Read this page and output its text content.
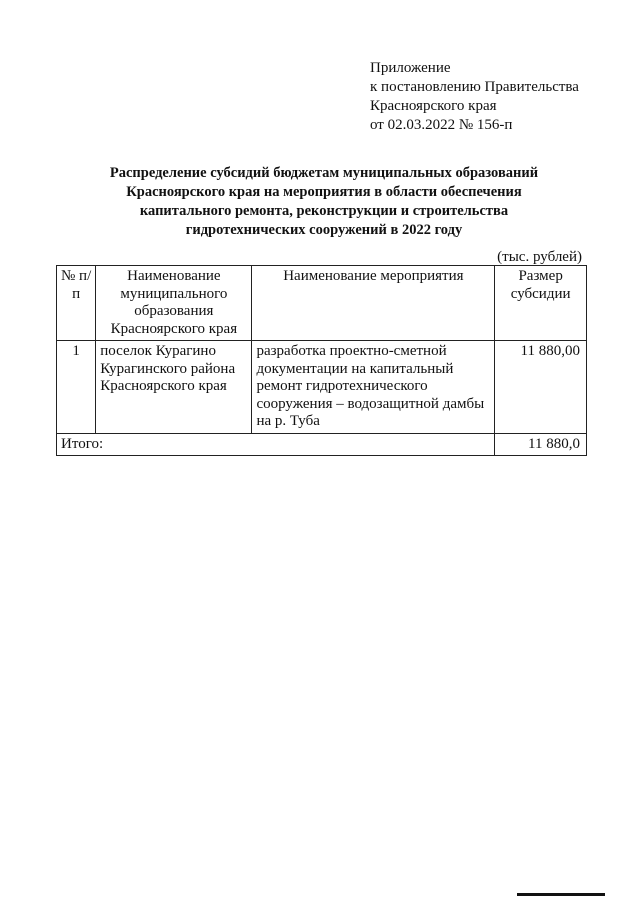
Приложение
к постановлению Правительства
Красноярского края
от 02.03.2022 № 156-п
Распределение субсидий бюджетам муниципальных образований
Красноярского края на мероприятия в области обеспечения
капитального ремонта, реконструкции и строительства
гидротехнических сооружений в 2022 году
(тыс. рублей)
№ п/п	Наименование муниципального образования Красноярского края	Наименование мероприятия	Размер субсидии
1	поселок Курагино Курагинского района Красноярского края	разработка проектно-сметной документации на капитальный ремонт гидротехнического сооружения – водозащитной дамбы на р. Туба	11 880,00
Итого:			11 880,0
